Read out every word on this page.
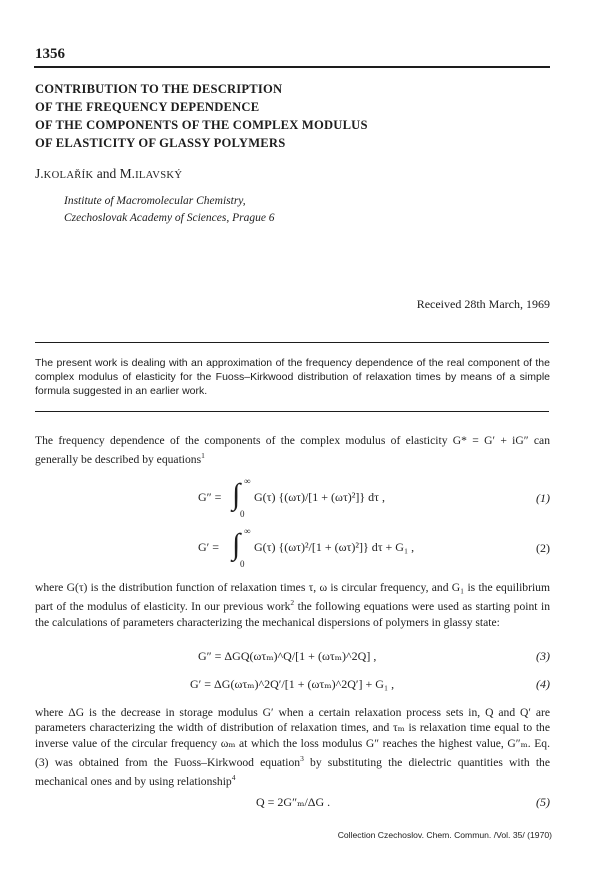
1356
CONTRIBUTION TO THE DESCRIPTION
OF THE FREQUENCY DEPENDENCE
OF THE COMPONENTS OF THE COMPLEX MODULUS
OF ELASTICITY OF GLASSY POLYMERS
J.KOLAŘÍK and M.ILAVSKÝ
Institute of Macromolecular Chemistry,
Czechoslovak Academy of Sciences, Prague 6
Received 28th March, 1969
The present work is dealing with an approximation of the frequency dependence of the real component of the complex modulus of elasticity for the Fuoss–Kirkwood distribution of relaxation times by means of a simple formula suggested in an earlier work.
The frequency dependence of the components of the complex modulus of elasticity G* = G′ + iG″ can generally be described by equations$^1$
G″ = ∫ ∞
0
G(τ) {(ωτ)/[1 + (ωτ)²]} dτ ,	(1)
G′ = ∫ ∞
0
G(τ) {(ωτ)²/[1 + (ωτ)²]} dτ + G₁ ,	(2)
where G(τ) is the distribution function of relaxation times τ, ω is circular frequency, and G₁ is the equilibrium part of the modulus of elasticity. In our previous work$^2$ the following equations were used as starting point in the calculations of parameters characterizing the mechanical dispersions of polymers in glassy state:
G″ = ΔGQ(ωτₘ)^Q/[1 + (ωτₘ)^2Q] ,	(3)
G′ = ΔG(ωτₘ)^2Q′/[1 + (ωτₘ)^2Q′] + G₁ ,	(4)
where ΔG is the decrease in storage modulus G′ when a certain relaxation process sets in, Q and Q′ are parameters characterizing the width of distribution of relaxation times, and τₘ is relaxation time equal to the inverse value of the circular frequency ωₘ at which the loss modulus G″ reaches the highest value, G″ₘ. Eq. (3) was obtained from the Fuoss–Kirkwood equation$^3$ by substituting the dielectric quantities with the mechanical ones and by using relationship$^4$
Q = 2G″ₘ/ΔG .	(5)
Collection Czechoslov. Chem. Commun. /Vol. 35/ (1970)
